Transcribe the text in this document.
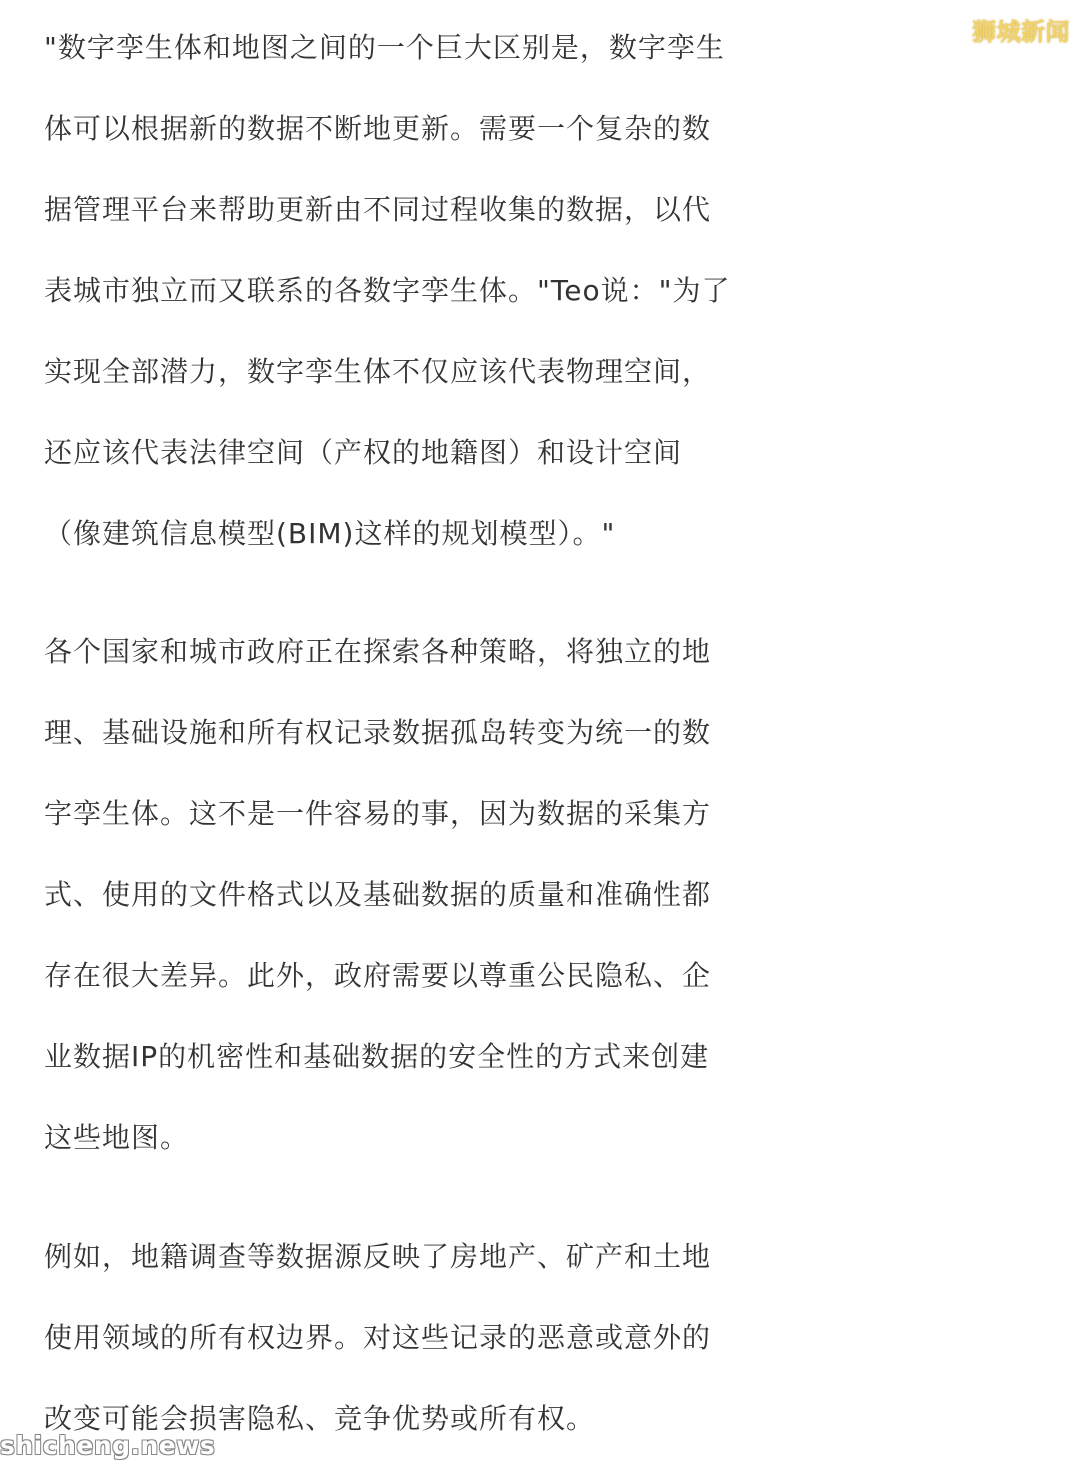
"数字孪生体和地图之间的一个巨大区别是，数字孪生
体可以根据新的数据不断地更新。需要一个复杂的数
据管理平台来帮助更新由不同过程收集的数据，以代
表城市独立而又联系的各数字孪生体。"Teo说："为了
实现全部潜力，数字孪生体不仅应该代表物理空间，
还应该代表法律空间（产权的地籍图）和设计空间
（像建筑信息模型(BIM)这样的规划模型）。"
各个国家和城市政府正在探索各种策略，将独立的地
理、基础设施和所有权记录数据孤岛转变为统一的数
字孪生体。这不是一件容易的事，因为数据的采集方
式、使用的文件格式以及基础数据的质量和准确性都
存在很大差异。此外，政府需要以尊重公民隐私、企
业数据IP的机密性和基础数据的安全性的方式来创建
这些地图。
例如，地籍调查等数据源反映了房地产、矿产和土地
使用领域的所有权边界。对这些记录的恶意或意外的
改变可能会损害隐私、竞争优势或所有权。
狮城新闻
shicheng.news
